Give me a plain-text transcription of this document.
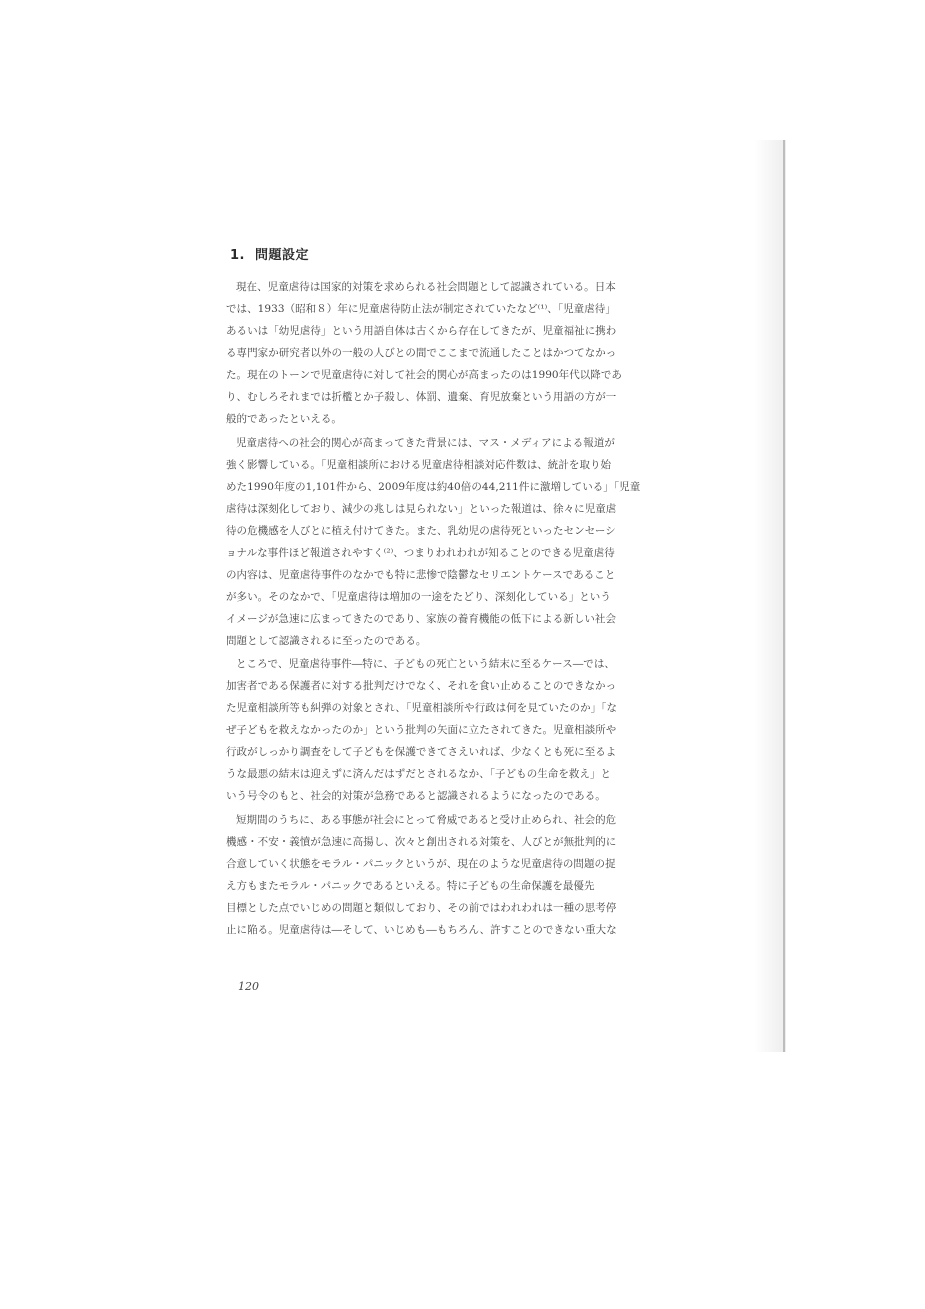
1. 問題設定
現在、児童虐待は国家的対策を求められる社会問題として認識されている。日本
では、1933（昭和８）年に児童虐待防止法が制定されていたなど⁽¹⁾、「児童虐待」
あるいは「幼児虐待」という用語自体は古くから存在してきたが、児童福祉に携わ
る専門家か研究者以外の一般の人びとの間でここまで流通したことはかつてなかっ
た。現在のトーンで児童虐待に対して社会的関心が高まったのは1990年代以降であ
り、むしろそれまでは折檻とか子殺し、体罰、遺棄、育児放棄という用語の方が一
般的であったといえる。
児童虐待への社会的関心が高まってきた背景には、マス・メディアによる報道が
強く影響している。「児童相談所における児童虐待相談対応件数は、統計を取り始
めた1990年度の1,101件から、2009年度は約40倍の44,211件に激増している」「児童
虐待は深刻化しており、減少の兆しは見られない」といった報道は、徐々に児童虐
待の危機感を人びとに植え付けてきた。また、乳幼児の虐待死といったセンセーシ
ョナルな事件ほど報道されやすく⁽²⁾、つまりわれわれが知ることのできる児童虐待
の内容は、児童虐待事件のなかでも特に悲惨で陰鬱なセリエントケースであること
が多い。そのなかで、「児童虐待は増加の一途をたどり、深刻化している」という
イメージが急速に広まってきたのであり、家族の養育機能の低下による新しい社会
問題として認識されるに至ったのである。
ところで、児童虐待事件―特に、子どもの死亡という結末に至るケース―では、
加害者である保護者に対する批判だけでなく、それを食い止めることのできなかっ
た児童相談所等も糾弾の対象とされ、「児童相談所や行政は何を見ていたのか」「な
ぜ子どもを救えなかったのか」という批判の矢面に立たされてきた。児童相談所や
行政がしっかり調査をして子どもを保護できてさえいれば、少なくとも死に至るよ
うな最悪の結末は迎えずに済んだはずだとされるなか、「子どもの生命を救え」と
いう号令のもと、社会的対策が急務であると認識されるようになったのである。
短期間のうちに、ある事態が社会にとって脅威であると受け止められ、社会的危
機感・不安・義憤が急速に高揚し、次々と創出される対策を、人びとが無批判的に
合意していく状態をモラル・パニックというが、現在のような児童虐待の問題の捉
え方もまたモラル・パニックであるといえる。特に子どもの生命保護を最優先
目標とした点でいじめの問題と類似しており、その前ではわれわれは一種の思考停
止に陥る。児童虐待は―そして、いじめも―もちろん、許すことのできない重大な
120
